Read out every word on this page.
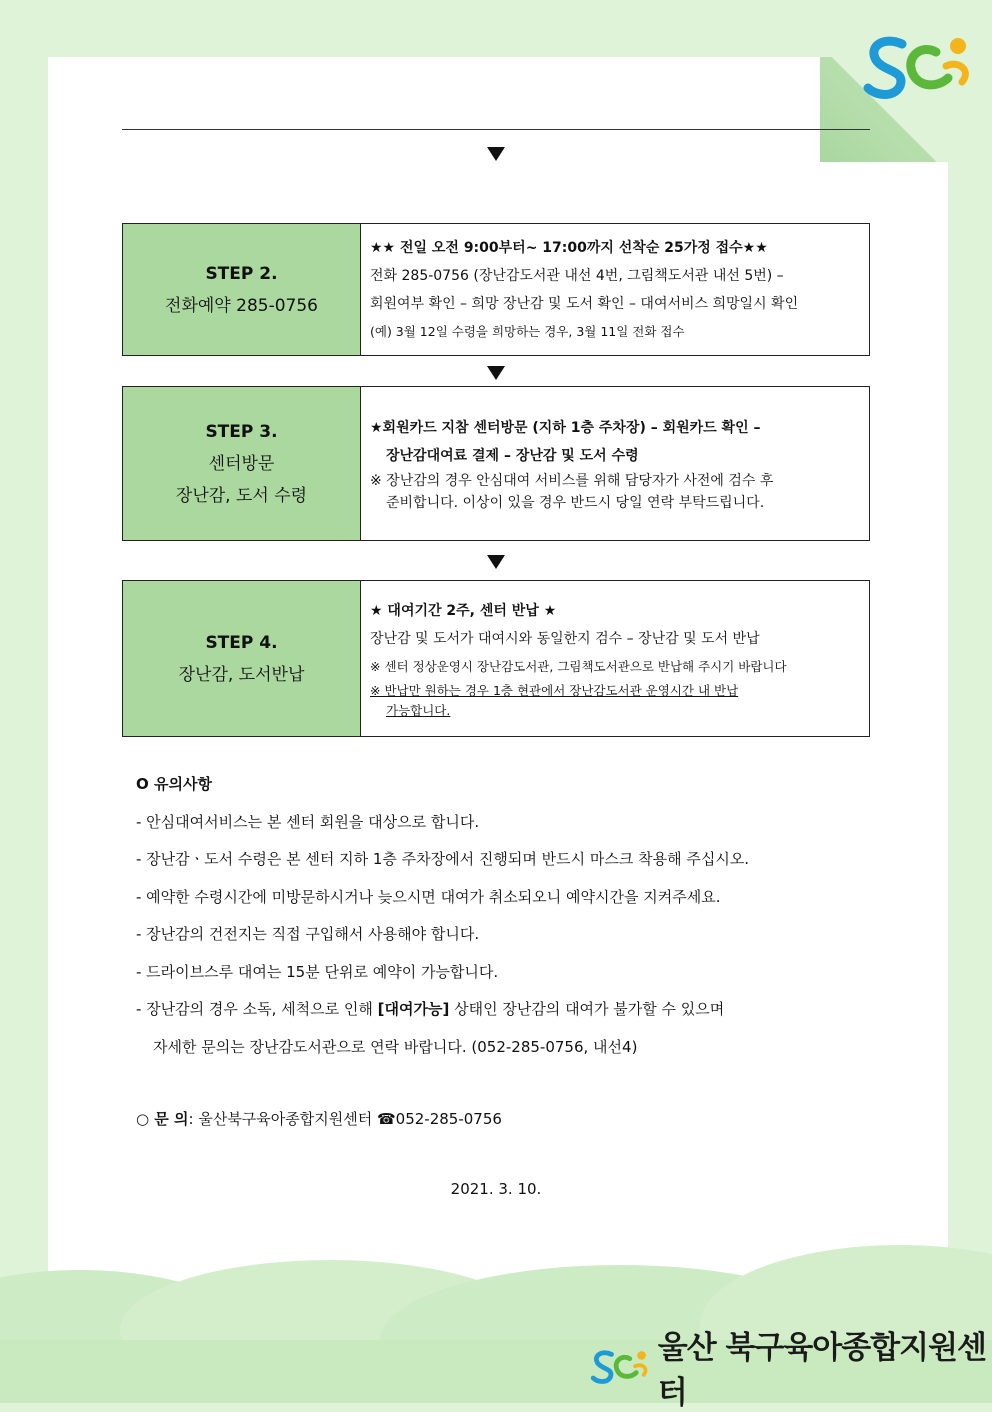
STEP 2.
전화예약 285-0756
★★ 전일 오전 9:00부터~ 17:00까지 선착순 25가정 접수★★
전화 285-0756 (장난감도서관 내선 4번, 그림책도서관 내선 5번) –
회원여부 확인 – 희망 장난감 및 도서 확인 – 대여서비스 희망일시 확인
(예) 3월 12일 수령을 희망하는 경우, 3월 11일 전화 접수
STEP 3.
센터방문
장난감, 도서 수령
★회원카드 지참 센터방문 (지하 1층 주차장) – 회원카드 확인 –
장난감대여료 결제 – 장난감 및 도서 수령
※ 장난감의 경우 안심대여 서비스를 위해 담당자가 사전에 검수 후
준비합니다. 이상이 있을 경우 반드시 당일 연락 부탁드립니다.
STEP 4.
장난감, 도서반납
★ 대여기간 2주, 센터 반납 ★
장난감 및 도서가 대여시와 동일한지 검수 – 장난감 및 도서 반납
※ 센터 정상운영시 장난감도서관, 그림책도서관으로 반납해 주시기 바랍니다
※ 반납만 원하는 경우 1층 현관에서 장난감도서관 운영시간 내 반납
가능합니다.
O 유의사항
- 안심대여서비스는 본 센터 회원을 대상으로 합니다.
- 장난감ㆍ도서 수령은 본 센터 지하 1층 주차장에서 진행되며 반드시 마스크 착용해 주십시오.
- 예약한 수령시간에 미방문하시거나 늦으시면 대여가 취소되오니 예약시간을 지켜주세요.
- 장난감의 건전지는 직접 구입해서 사용해야 합니다.
- 드라이브스루 대여는 15분 단위로 예약이 가능합니다.
- 장난감의 경우 소독, 세척으로 인해 [대여가능] 상태인 장난감의 대여가 불가할 수 있으며
자세한 문의는 장난감도서관으로 연락 바랍니다. (052-285-0756, 내선4)
○ 문 의: 울산북구육아종합지원센터 ☎052-285-0756
2021. 3. 10.
울산 북구육아종합지원센터
